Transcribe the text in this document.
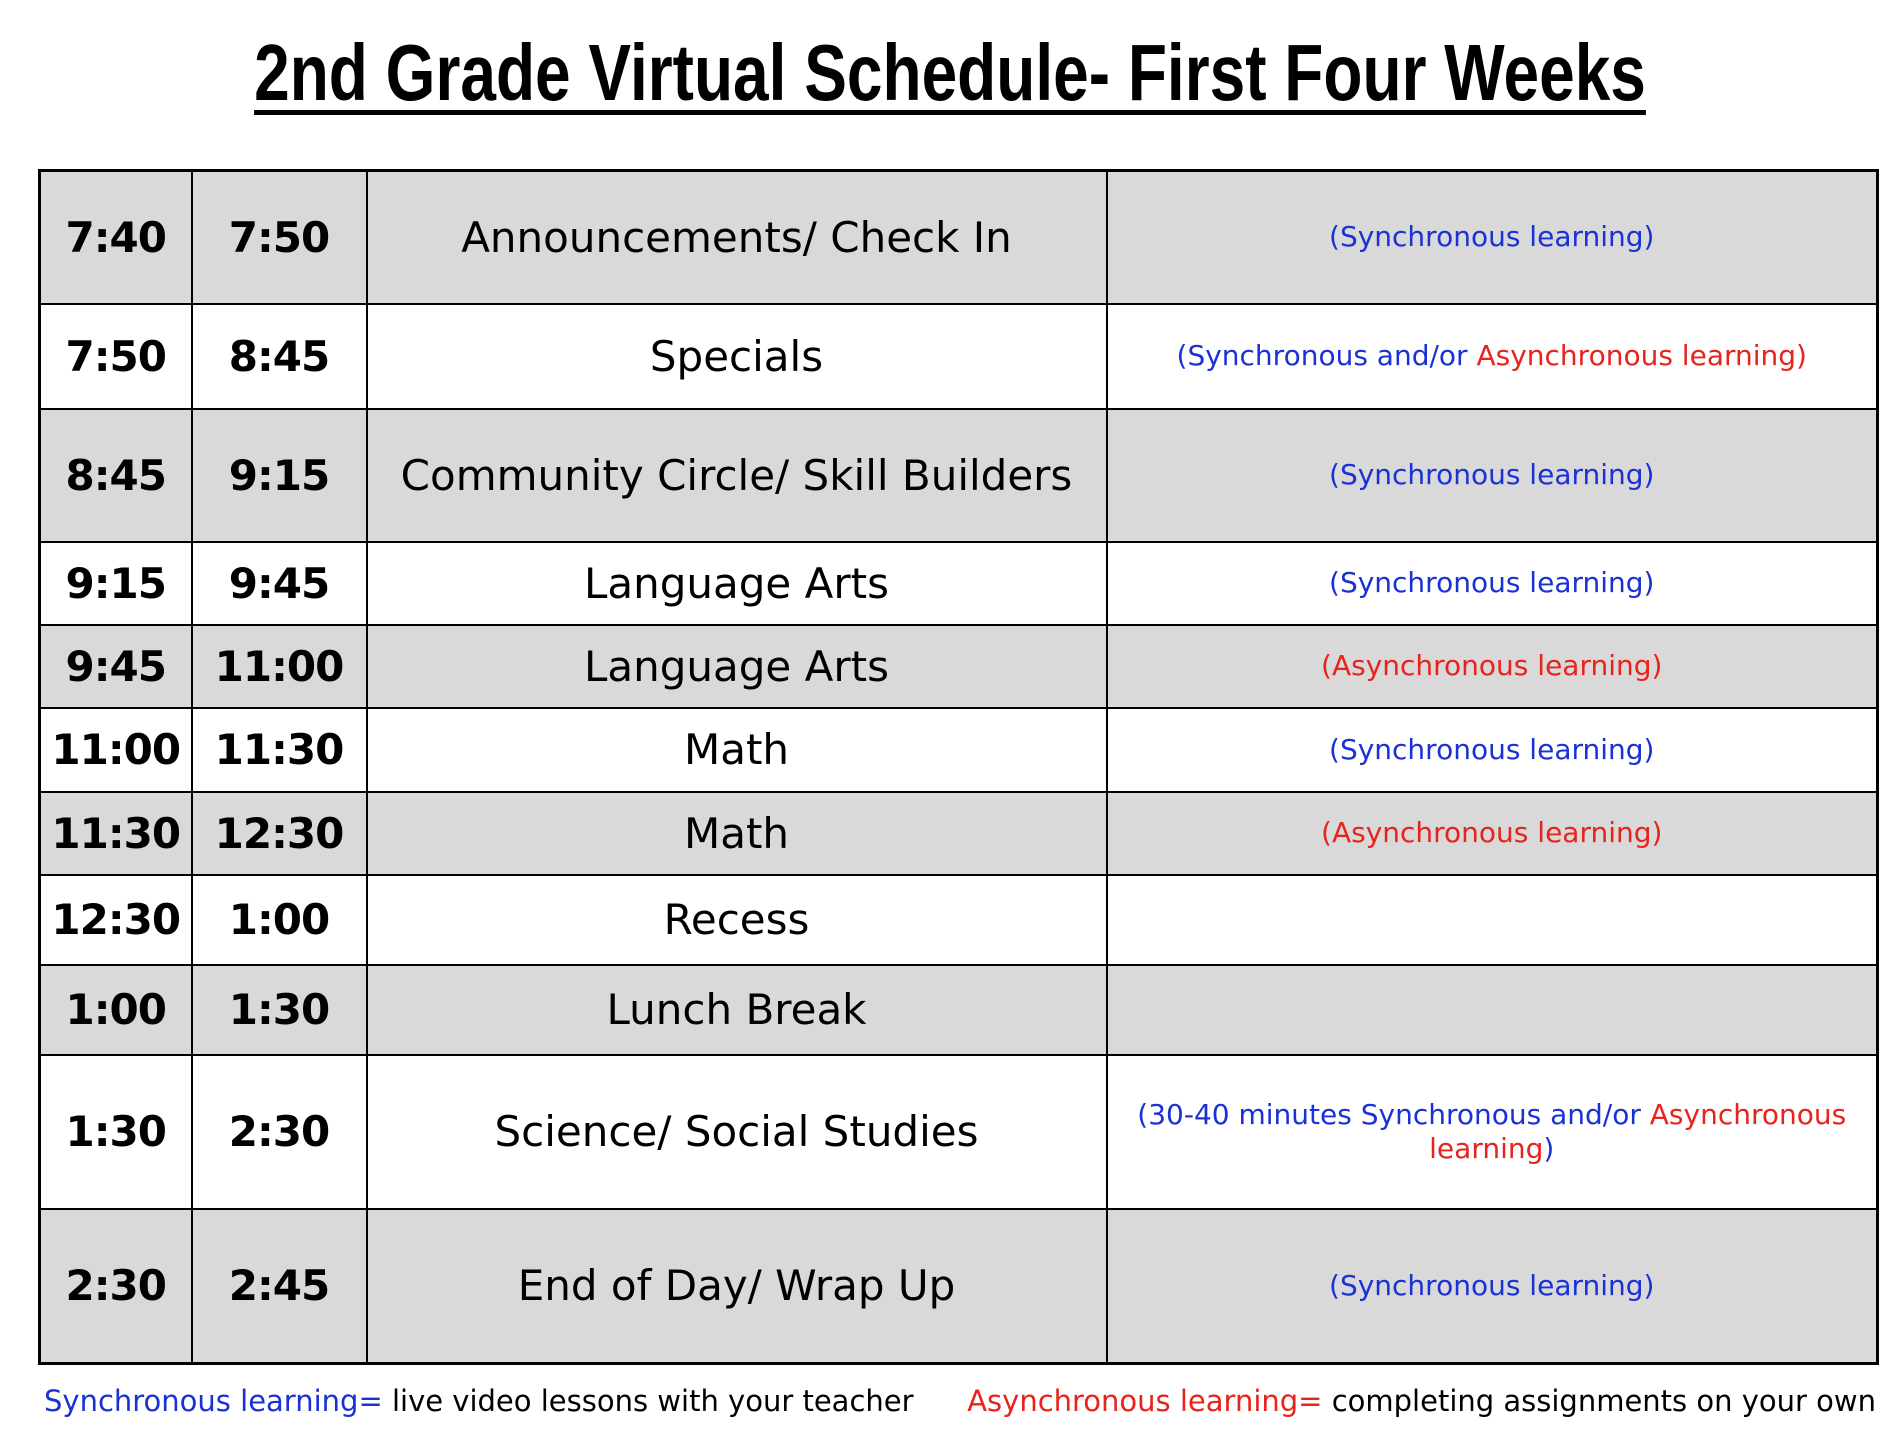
2nd Grade Virtual Schedule- First Four Weeks
7:40	7:50	Announcements/ Check In	(Synchronous learning)
7:50	8:45	Specials	(Synchronous and/or Asynchronous learning)
8:45	9:15	Community Circle/ Skill Builders	(Synchronous learning)
9:15	9:45	Language Arts	(Synchronous learning)
9:45	11:00	Language Arts	(Asynchronous learning)
11:00	11:30	Math	(Synchronous learning)
11:30	12:30	Math	(Asynchronous learning)
12:30	1:00	Recess	
1:00	1:30	Lunch Break	
1:30	2:30	Science/ Social Studies	(30-40 minutes Synchronous and/or Asynchronous learning)
2:30	2:45	End of Day/ Wrap Up	(Synchronous learning)
Synchronous learning= live video lessons with your teacher Asynchronous learning= completing assignments on your own
